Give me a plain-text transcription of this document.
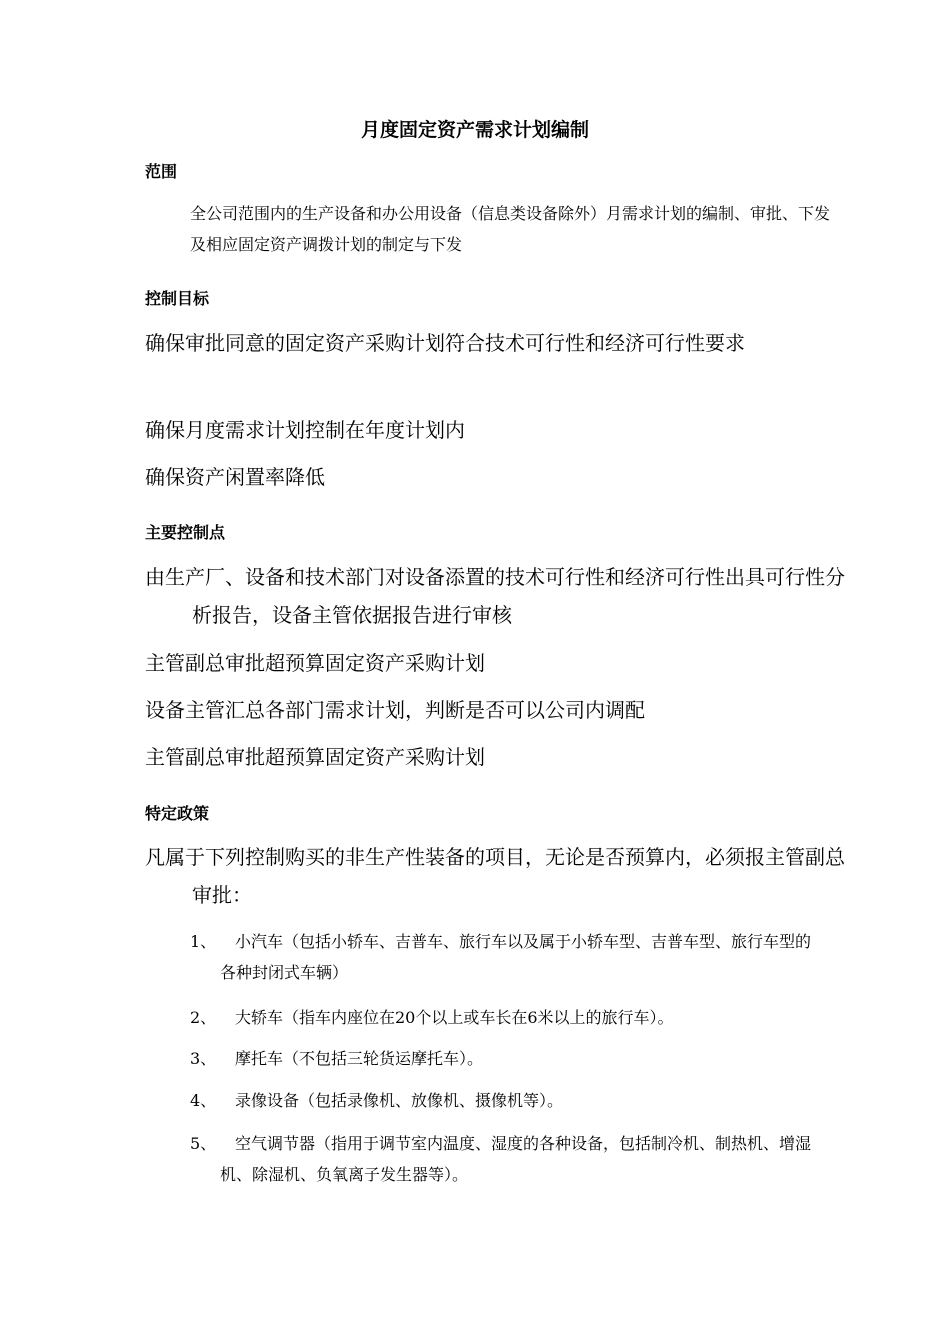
月度固定资产需求计划编制
范围
全公司范围内的生产设备和办公用设备（信息类设备除外）月需求计划的编制、审批、下发及相应固定资产调拨计划的制定与下发
控制目标
确保审批同意的固定资产采购计划符合技术可行性和经济可行性要求
确保月度需求计划控制在年度计划内
确保资产闲置率降低
主要控制点
由生产厂、设备和技术部门对设备添置的技术可行性和经济可行性出具可行性分析报告，设备主管依据报告进行审核
主管副总审批超预算固定资产采购计划
设备主管汇总各部门需求计划，判断是否可以公司内调配
主管副总审批超预算固定资产采购计划
特定政策
凡属于下列控制购买的非生产性装备的项目，无论是否预算内，必须报主管副总审批：
1、	小汽车（包括小轿车、吉普车、旅行车以及属于小轿车型、吉普车型、旅行车型的各种封闭式车辆）
2、	大轿车（指车内座位在20个以上或车长在6米以上的旅行车）。
3、	摩托车（不包括三轮货运摩托车）。
4、	录像设备（包括录像机、放像机、摄像机等）。
5、	空气调节器（指用于调节室内温度、湿度的各种设备，包括制冷机、制热机、增湿机、除湿机、负氧离子发生器等）。
